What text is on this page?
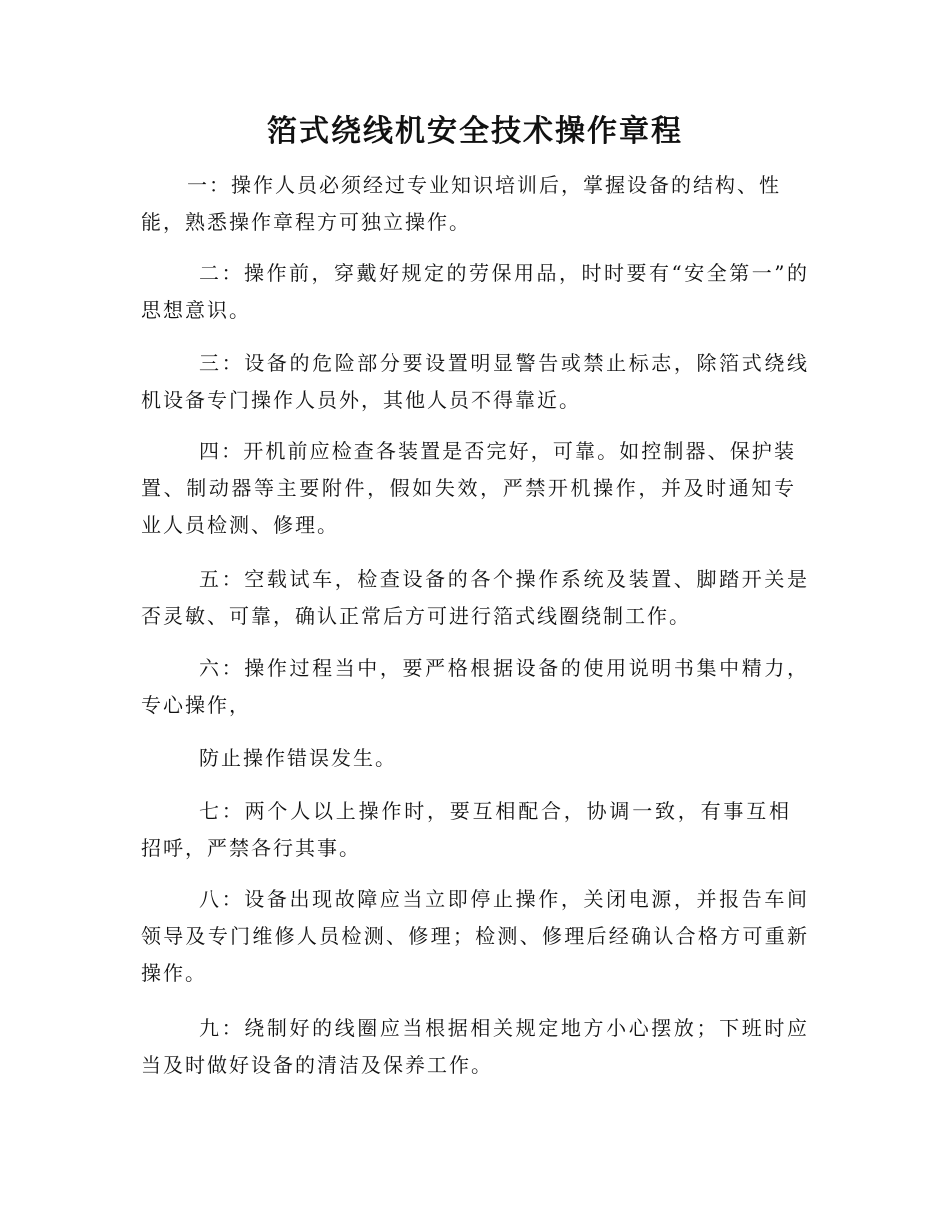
箔式绕线机安全技术操作章程

一：操作人员必须经过专业知识培训后，掌握设备的结构、性能，熟悉操作章程方可独立操作。

二：操作前，穿戴好规定的劳保用品，时时要有“安全第一”的思想意识。

三：设备的危险部分要设置明显警告或禁止标志，除箔式绕线机设备专门操作人员外，其他人员不得靠近。

四：开机前应检查各装置是否完好，可靠。如控制器、保护装置、制动器等主要附件，假如失效，严禁开机操作，并及时通知专业人员检测、修理。

五：空载试车，检查设备的各个操作系统及装置、脚踏开关是否灵敏、可靠，确认正常后方可进行箔式线圈绕制工作。

六：操作过程当中，要严格根据设备的使用说明书集中精力，专心操作，

防止操作错误发生。

七：两个人以上操作时，要互相配合，协调一致，有事互相招呼，严禁各行其事。

八：设备出现故障应当立即停止操作，关闭电源，并报告车间领导及专门维修人员检测、修理；检测、修理后经确认合格方可重新操作。

九：绕制好的线圈应当根据相关规定地方小心摆放；下班时应当及时做好设备的清洁及保养工作。
